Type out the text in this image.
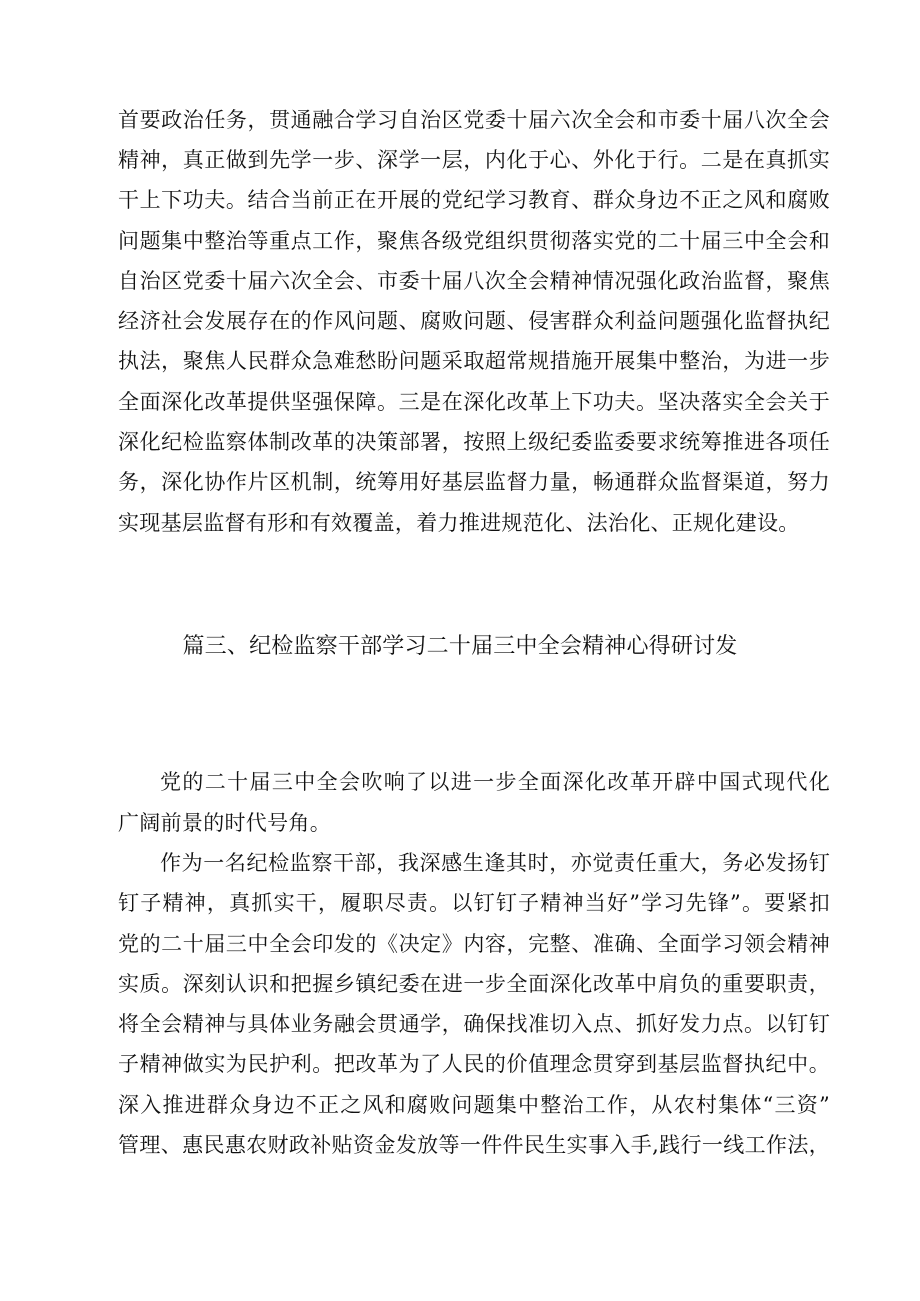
首要政治任务，贯通融合学习自治区党委十届六次全会和市委十届八次全会
精神，真正做到先学一步、深学一层，内化于心、外化于行。二是在真抓实
干上下功夫。结合当前正在开展的党纪学习教育、群众身边不正之风和腐败
问题集中整治等重点工作，聚焦各级党组织贯彻落实党的二十届三中全会和
自治区党委十届六次全会、市委十届八次全会精神情况强化政治监督，聚焦
经济社会发展存在的作风问题、腐败问题、侵害群众利益问题强化监督执纪
执法，聚焦人民群众急难愁盼问题采取超常规措施开展集中整治，为进一步
全面深化改革提供坚强保障。三是在深化改革上下功夫。坚决落实全会关于
深化纪检监察体制改革的决策部署，按照上级纪委监委要求统筹推进各项任
务，深化协作片区机制，统筹用好基层监督力量，畅通群众监督渠道，努力
实现基层监督有形和有效覆盖，着力推进规范化、法治化、正规化建设。
篇三、纪检监察干部学习二十届三中全会精神心得研讨发
党的二十届三中全会吹响了以进一步全面深化改革开辟中国式现代化
广阔前景的时代号角。
作为一名纪检监察干部，我深感生逢其时，亦觉责任重大，务必发扬钉
钉子精神，真抓实干，履职尽责。以钉钉子精神当好”学习先锋”。要紧扣
党的二十届三中全会印发的《决定》内容，完整、准确、全面学习领会精神
实质。深刻认识和把握乡镇纪委在进一步全面深化改革中肩负的重要职责，
将全会精神与具体业务融会贯通学，确保找准切入点、抓好发力点。以钉钉
子精神做实为民护利。把改革为了人民的价值理念贯穿到基层监督执纪中。
深入推进群众身边不正之风和腐败问题集中整治工作，从农村集体“三资”
管理、惠民惠农财政补贴资金发放等一件件民生实事入手,践行一线工作法，
